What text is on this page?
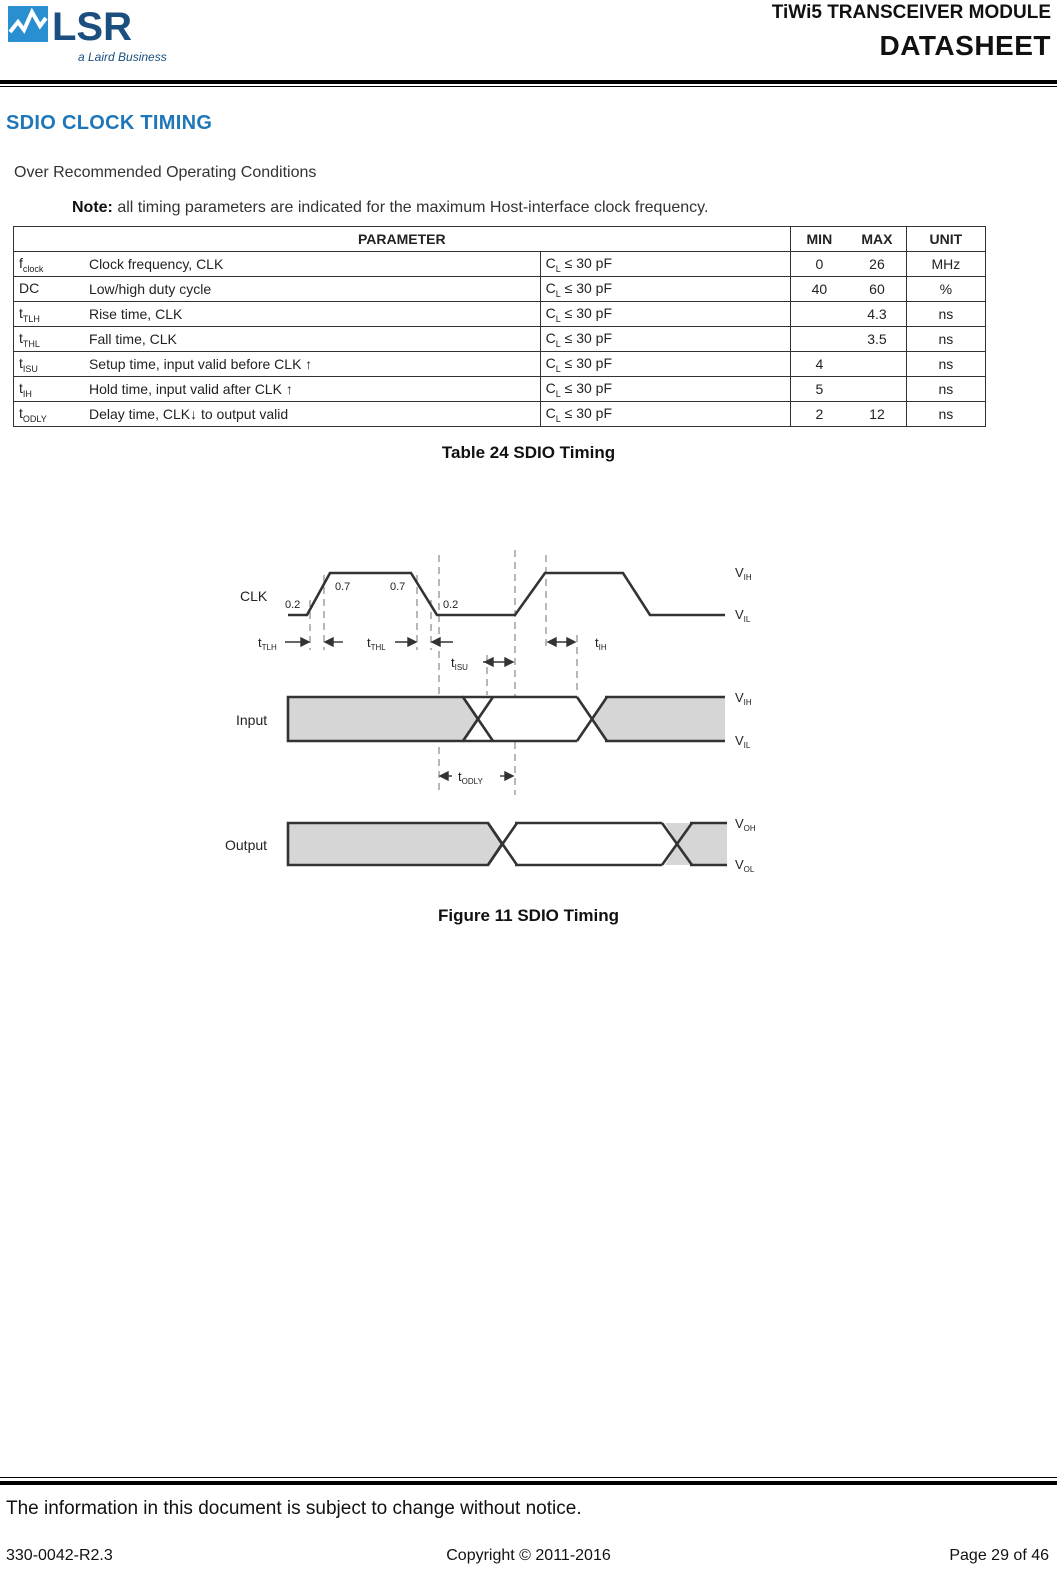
LSR
a Laird Business
TiWi5 TRANSCEIVER MODULE
DATASHEET
SDIO CLOCK TIMING
Over Recommended Operating Conditions
Note: all timing parameters are indicated for the maximum Host-interface clock frequency.
PARAMETER			MIN	MAX	UNIT
$f_{clock}$	Clock frequency, CLK	$C_L \le 30$ pF	0	26	MHz
DC	Low/high duty cycle	$C_L \le 30$ pF	40	60	%
$t_{TLH}$	Rise time, CLK	$C_L \le 30$ pF		4.3	ns
$t_{THL}$	Fall time, CLK	$C_L \le 30$ pF		3.5	ns
$t_{ISU}$	Setup time, input valid before CLK ↑	$C_L \le 30$ pF	4		ns
$t_{IH}$	Hold time, input valid after CLK ↑	$C_L \le 30$ pF	5		ns
$t_{ODLY}$	Delay time, CLK↓ to output valid	$C_L \le 30$ pF	2	12	ns
Table 24 SDIO Timing
CLK
Input
Output
0.2
0.7	0.7
0.2
$t_{TLH}$	$t_{THL}$
$t_{ISU}$
$t_{IH}$
$t_{ODLY}$
$V_{IH}$
$V_{IL}$
$V_{IH}$
$V_{IL}$
$V_{OH}$
$V_{OL}$
Figure 11 SDIO Timing
The information in this document is subject to change without notice.
Copyright © 2011-2016
330-0042-R2.3	Page 29 of 46
